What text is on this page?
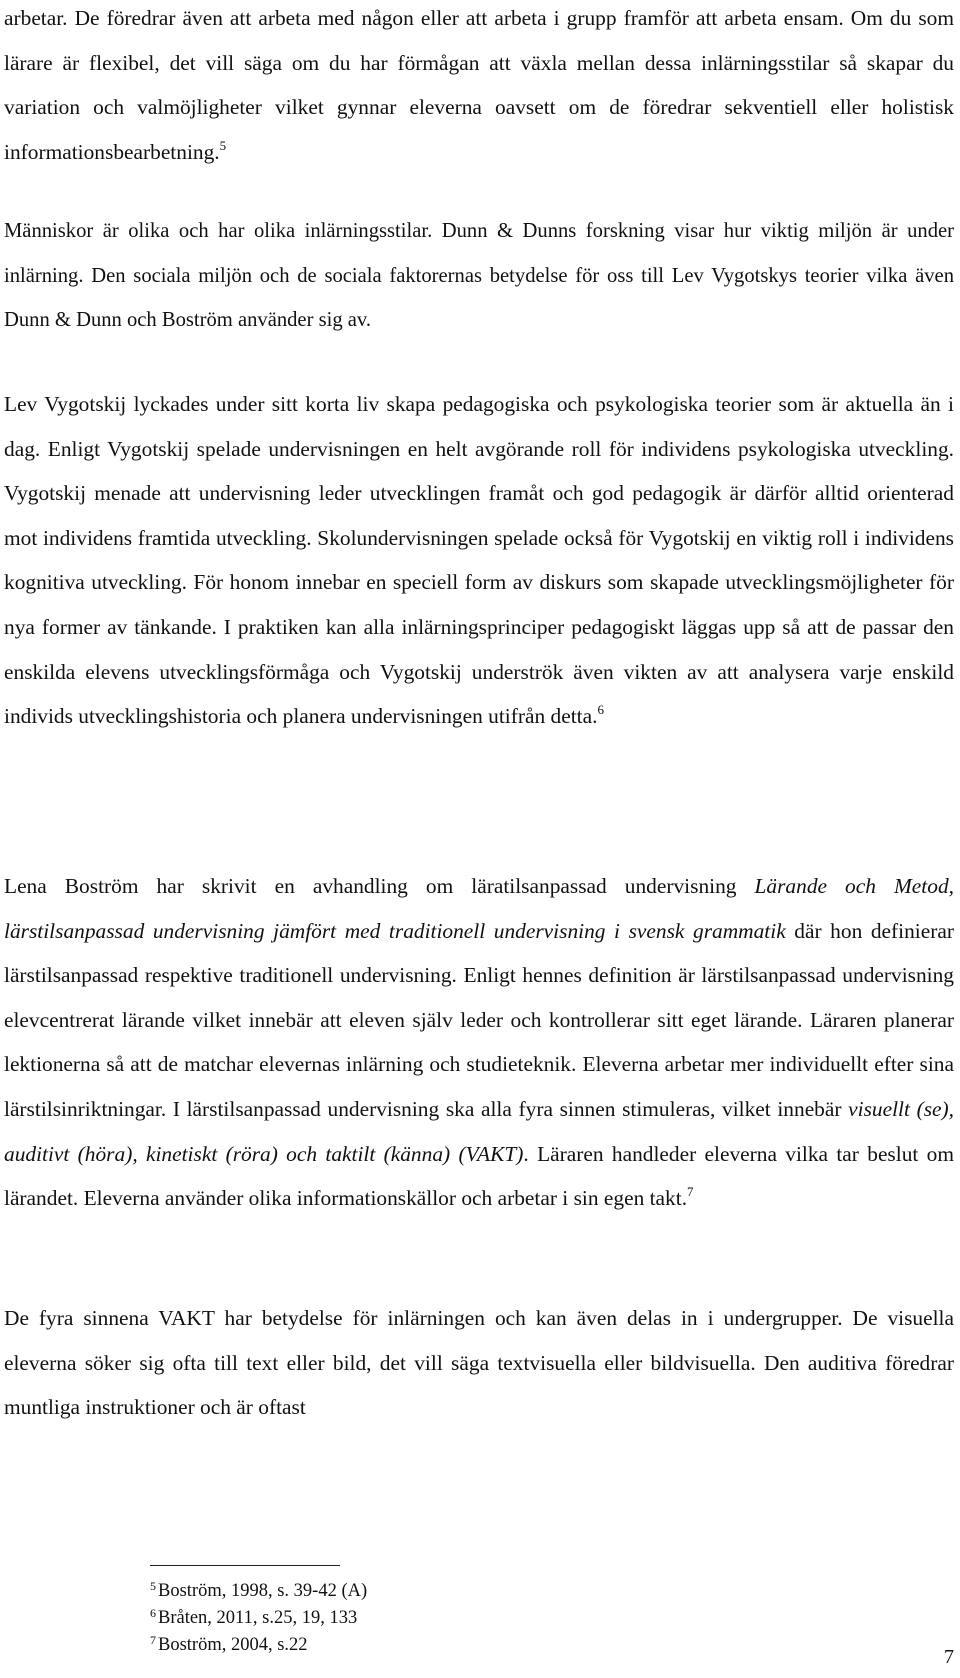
arbetar. De föredrar även att arbeta med någon eller att arbeta i grupp framför att arbeta ensam. Om du som lärare är flexibel, det vill säga om du har förmågan att växla mellan dessa inlärningsstilar så skapar du variation och valmöjligheter vilket gynnar eleverna oavsett om de föredrar sekventiell eller holistisk informationsbearbetning.$^5$

Människor är olika och har olika inlärningsstilar. Dunn & Dunns forskning visar hur viktig miljön är under inlärning. Den sociala miljön och de sociala faktorernas betydelse för oss till Lev Vygotskys teorier vilka även Dunn & Dunn och Boström använder sig av.

Lev Vygotskij lyckades under sitt korta liv skapa pedagogiska och psykologiska teorier som är aktuella än i dag. Enligt Vygotskij spelade undervisningen en helt avgörande roll för individens psykologiska utveckling. Vygotskij menade att undervisning leder utvecklingen framåt och god pedagogik är därför alltid orienterad mot individens framtida utveckling. Skolundervisningen spelade också för Vygotskij en viktig roll i individens kognitiva utveckling. För honom innebar en speciell form av diskurs som skapade utvecklingsmöjligheter för nya former av tänkande. I praktiken kan alla inlärningsprinciper pedagogiskt läggas upp så att de passar den enskilda elevens utvecklingsförmåga och Vygotskij underströk även vikten av att analysera varje enskild individs utvecklingshistoria och planera undervisningen utifrån detta.$^6$

Lena Boström har skrivit en avhandling om läratilsanpassad undervisning Lärande och Metod, lärstilsanpassad undervisning jämfört med traditionell undervisning i svensk grammatik där hon definierar lärstilsanpassad respektive traditionell undervisning. Enligt hennes definition är lärstilsanpassad undervisning elevcentrerat lärande vilket innebär att eleven själv leder och kontrollerar sitt eget lärande. Läraren planerar lektionerna så att de matchar elevernas inlärning och studieteknik. Eleverna arbetar mer individuellt efter sina lärstilsinriktningar. I lärstilsanpassad undervisning ska alla fyra sinnen stimuleras, vilket innebär visuellt (se), auditivt (höra), kinetiskt (röra) och taktilt (känna) (VAKT). Läraren handleder eleverna vilka tar beslut om lärandet. Eleverna använder olika informationskällor och arbetar i sin egen takt.$^7$

De fyra sinnena VAKT har betydelse för inlärningen och kan även delas in i undergrupper. De visuella eleverna söker sig ofta till text eller bild, det vill säga textvisuella eller bildvisuella. Den auditiva föredrar muntliga instruktioner och är oftast

$^5$ Boström, 1998, s. 39-42 (A)
$^6$ Bråten, 2011, s.25, 19, 133
$^7$ Boström, 2004, s.22
7
